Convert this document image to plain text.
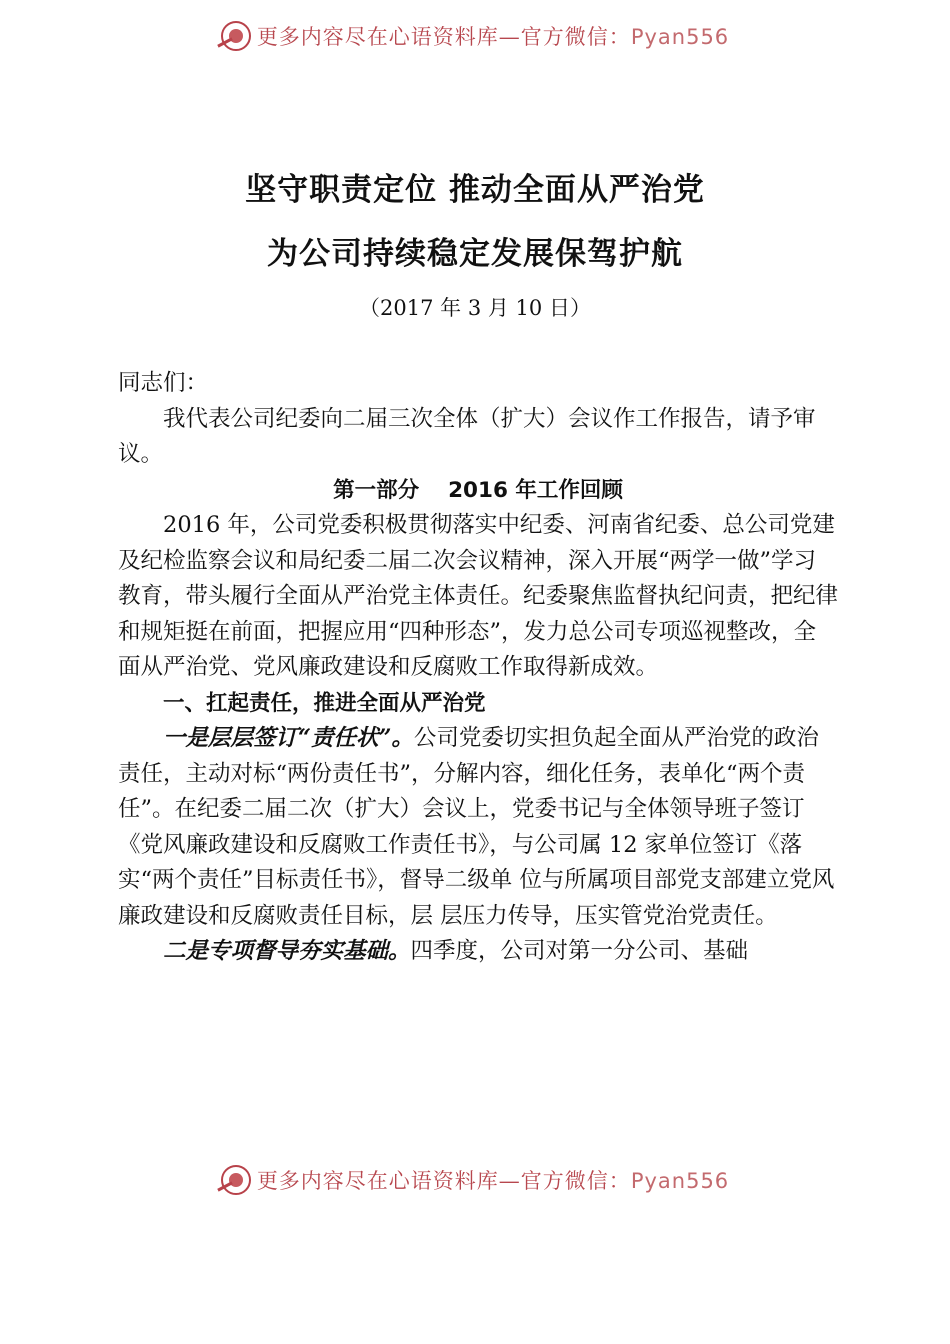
更多内容尽在心语资料库—官方微信：Pyan556
坚守职责定位 推动全面从严治党
为公司持续稳定发展保驾护航
（2017 年 3 月 10 日）

同志们：

我代表公司纪委向二届三次全体（扩大）会议作工作报告，请予审议。

第一部分　 2016 年工作回顾

2016 年，公司党委积极贯彻落实中纪委、河南省纪委、总公司党建及纪检监察会议和局纪委二届二次会议精神，深入开展“两学一做”学习教育，带头履行全面从严治党主体责任。纪委聚焦监督执纪问责，把纪律和规矩挺在前面，把握应用“四种形态”，发力总公司专项巡视整改，全面从严治党、党风廉政建设和反腐败工作取得新成效。

一、扛起责任，推进全面从严治党

一是层层签订“责任状”。公司党委切实担负起全面从严治党的政治责任，主动对标“两份责任书”，分解内容，细化任务，表单化“两个责任”。在纪委二届二次（扩大）会议上，党委书记与全体领导班子签订《党风廉政建设和反腐败工作责任书》，与公司属 12 家单位签订《落实“两个责任”目标责任书》，督导二级单 位与所属项目部党支部建立党风廉政建设和反腐败责任目标，层 层压力传导，压实管党治党责任。

二是专项督导夯实基础。四季度，公司对第一分公司、基础

更多内容尽在心语资料库—官方微信：Pyan556
